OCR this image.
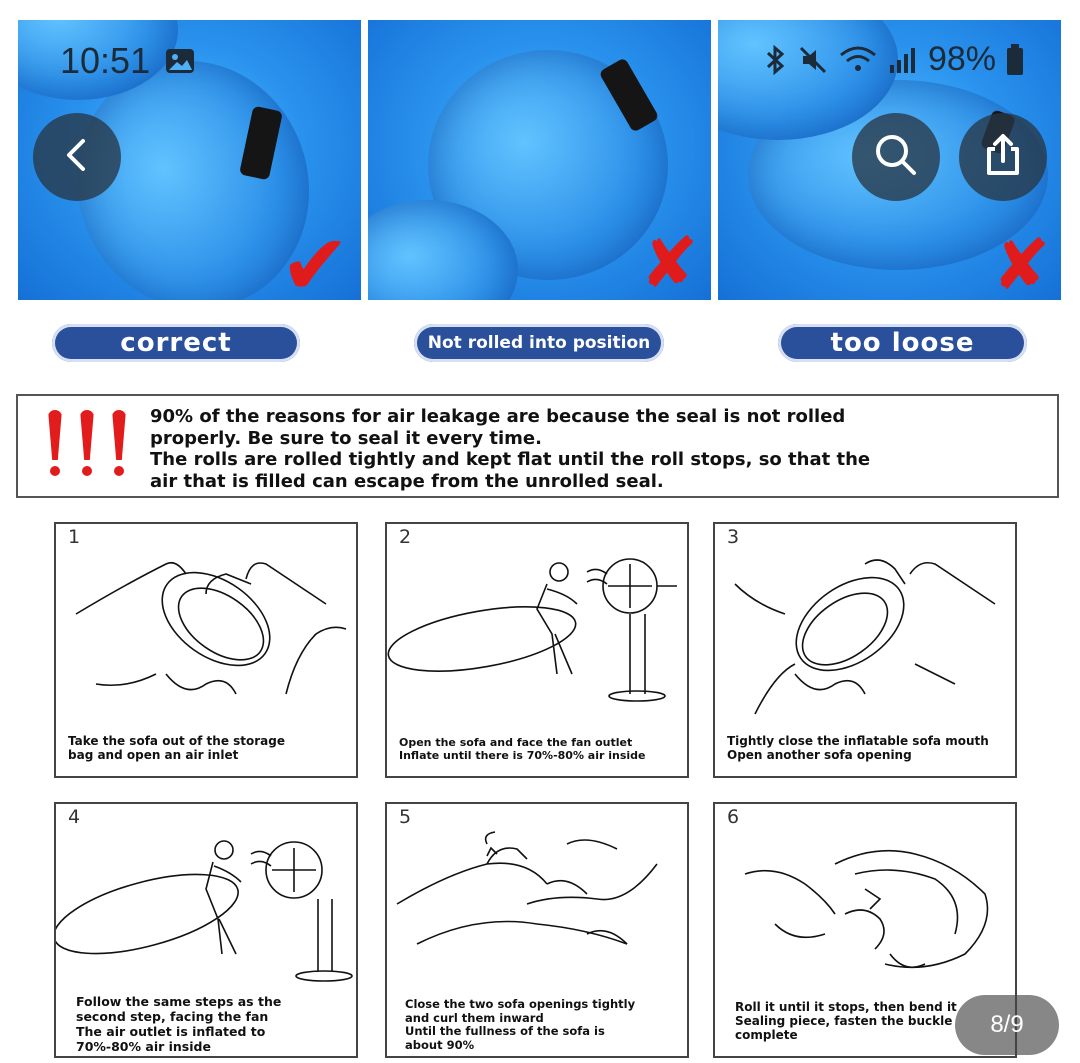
✔	✘	✘
10:51	98%
correct	Not rolled into position	too loose
90% of the reasons for air leakage are because the seal is not rolled
properly. Be sure to seal it every time.
The rolls are rolled tightly and kept flat until the roll stops, so that the
air that is filled can escape from the unrolled seal.
1
Take the sofa out of the storage
bag and open an air inlet
2
Open the sofa and face the fan outlet
Inflate until there is 70%-80% air inside
3
Tightly close the inflatable sofa mouth
Open another sofa opening
4
Follow the same steps as the
second step, facing the fan
The air outlet is inflated to
70%-80% air inside
5
Close the two sofa openings tightly
and curl them inward
Until the fullness of the sofa is
about 90%
6
Roll it until it stops, then bend it
Sealing piece, fasten the buckle
complete	8/9
